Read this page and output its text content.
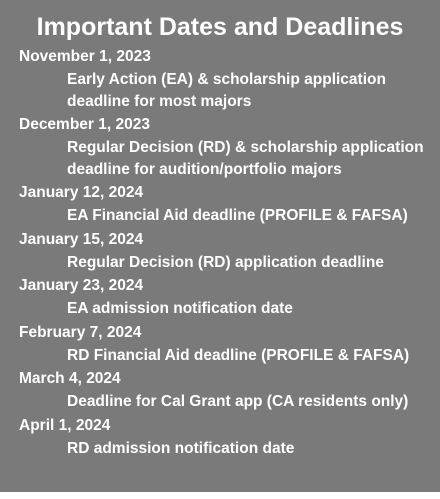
Important Dates and Deadlines
November 1, 2023
Early Action (EA) & scholarship application deadline for most majors
December 1, 2023
Regular Decision (RD) & scholarship application deadline for audition/portfolio majors
January 12, 2024
EA Financial Aid deadline (PROFILE & FAFSA)
January 15, 2024
Regular Decision (RD) application deadline
January 23, 2024
EA admission notification date
February 7, 2024
RD Financial Aid deadline (PROFILE & FAFSA)
March 4, 2024
Deadline for Cal Grant app (CA residents only)
April 1, 2024
RD admission notification date
